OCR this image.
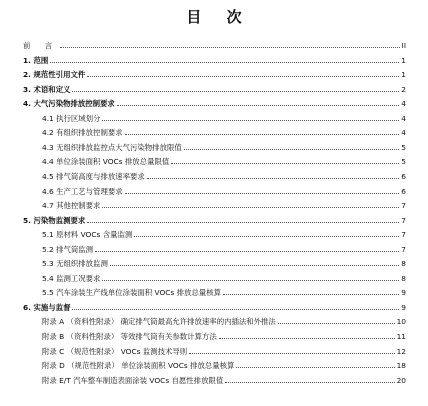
目 次
前 言	II
1. 范围	1
2. 规范性引用文件	1
3. 术语和定义	2
4. 大气污染物排放控制要求	4
4.1 执行区域划分	4
4.2 有组织排放控制要求	4
4.3 无组织排放监控点大气污染物排放限值	5
4.4 单位涂装面积 VOCs 排放总量限值	5
4.5 排气筒高度与排放速率要求	6
4.6 生产工艺与管理要求	6
4.7 其他控制要求	7
5. 污染物监测要求	7
5.1 原材料 VOCs 含量监测	7
5.2 排气筒监测	7
5.3 无组织排放监测	8
5.4 监测工况要求	8
5.5 汽车涂装生产线单位涂装面积 VOCs 排放总量核算	9
6. 实施与监督	9
附录 A （资料性附录） 确定排气筒最高允许排放速率的内插法和外推法	10
附录 B （资料性附录） 等效排气筒有关参数计算方法	11
附录 C （规范性附录） VOCs 监测技术导则	12
附录 D （规范性附录） 单位涂装面积 VOCs 排放总量核算	18
附录 E/T 汽车整车制造表面涂装 VOCs 自愿性排放限值	20
